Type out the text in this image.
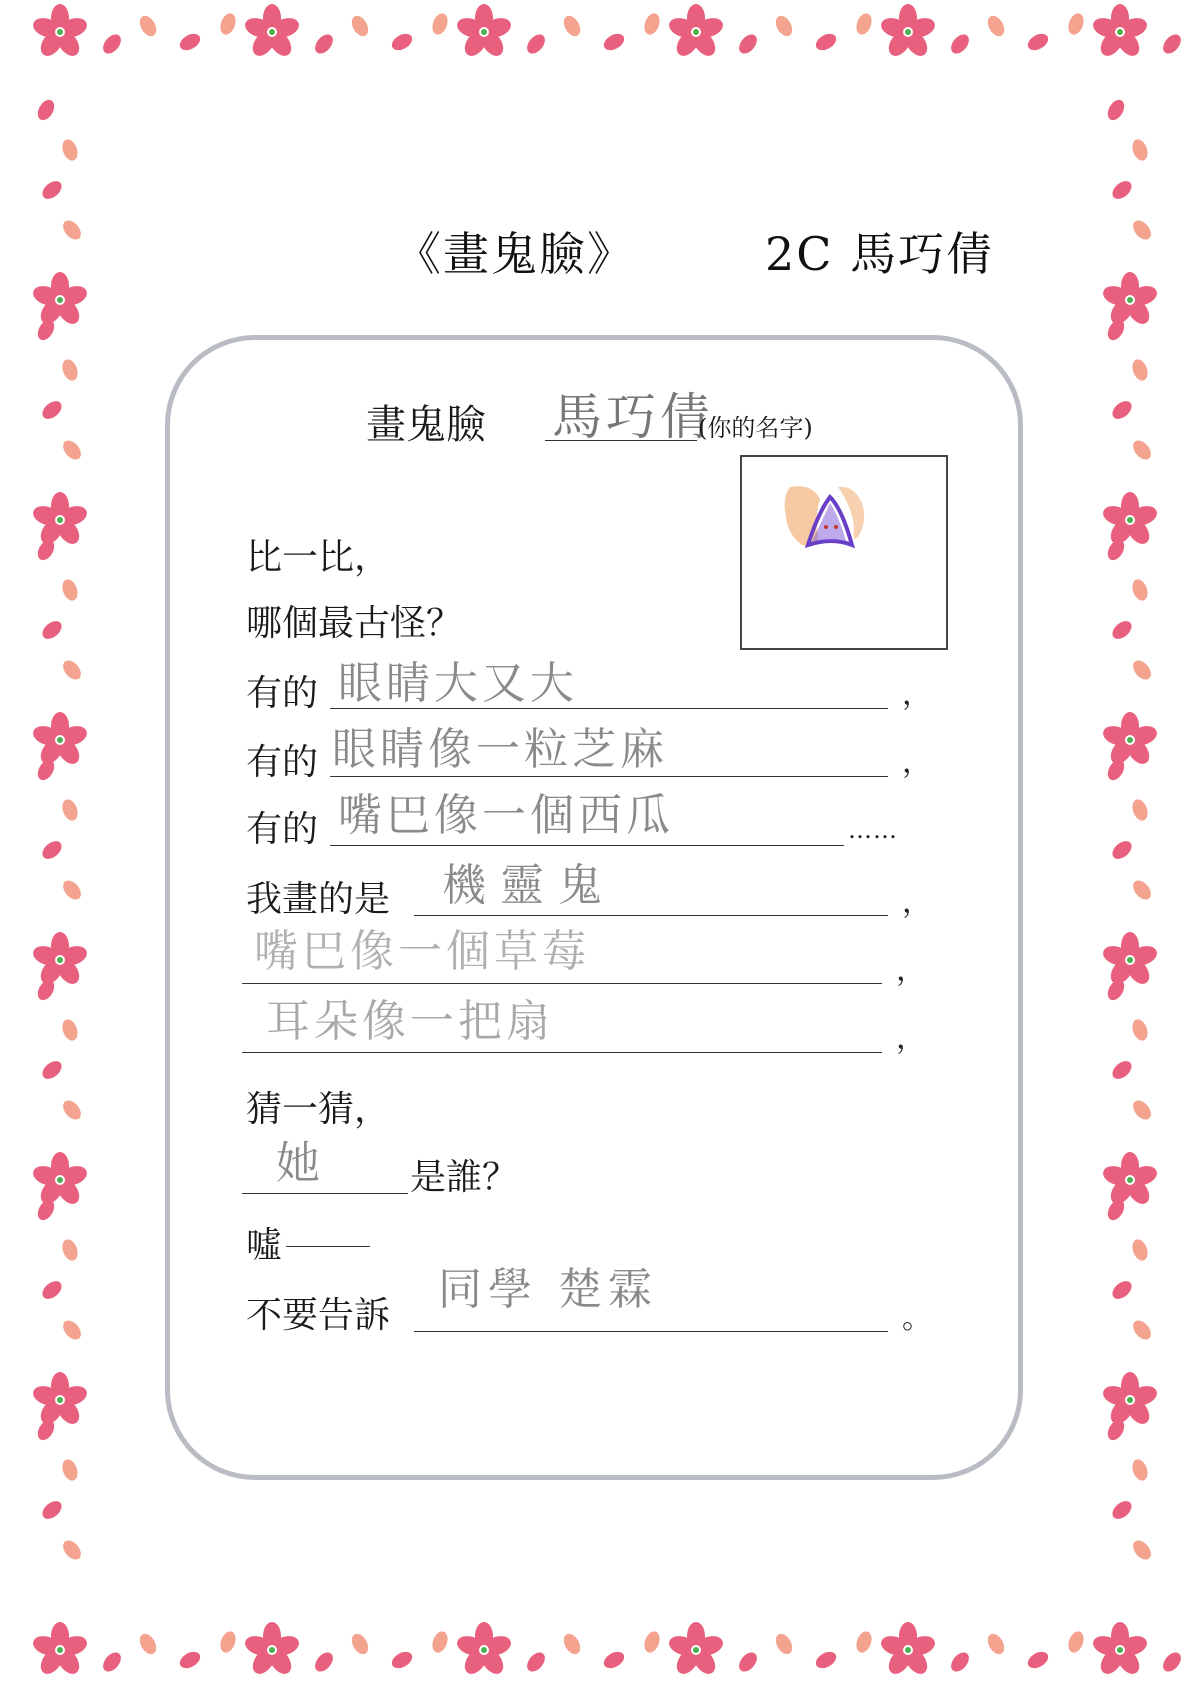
《畫鬼臉》	2C 馬巧倩
畫鬼臉 馬巧倩
(你的名字)
比一比，
哪個最古怪？
有的 眼睛大又大	，
有的 眼睛像一粒芝麻	，
有的 嘴巴像一個西瓜	……
我畫的是 機靈鬼	，
嘴巴像一個草莓	，
耳朵像一把扇	，
猜一猜，
她 是誰？
噓
不要告訴
同學 楚霖
。
